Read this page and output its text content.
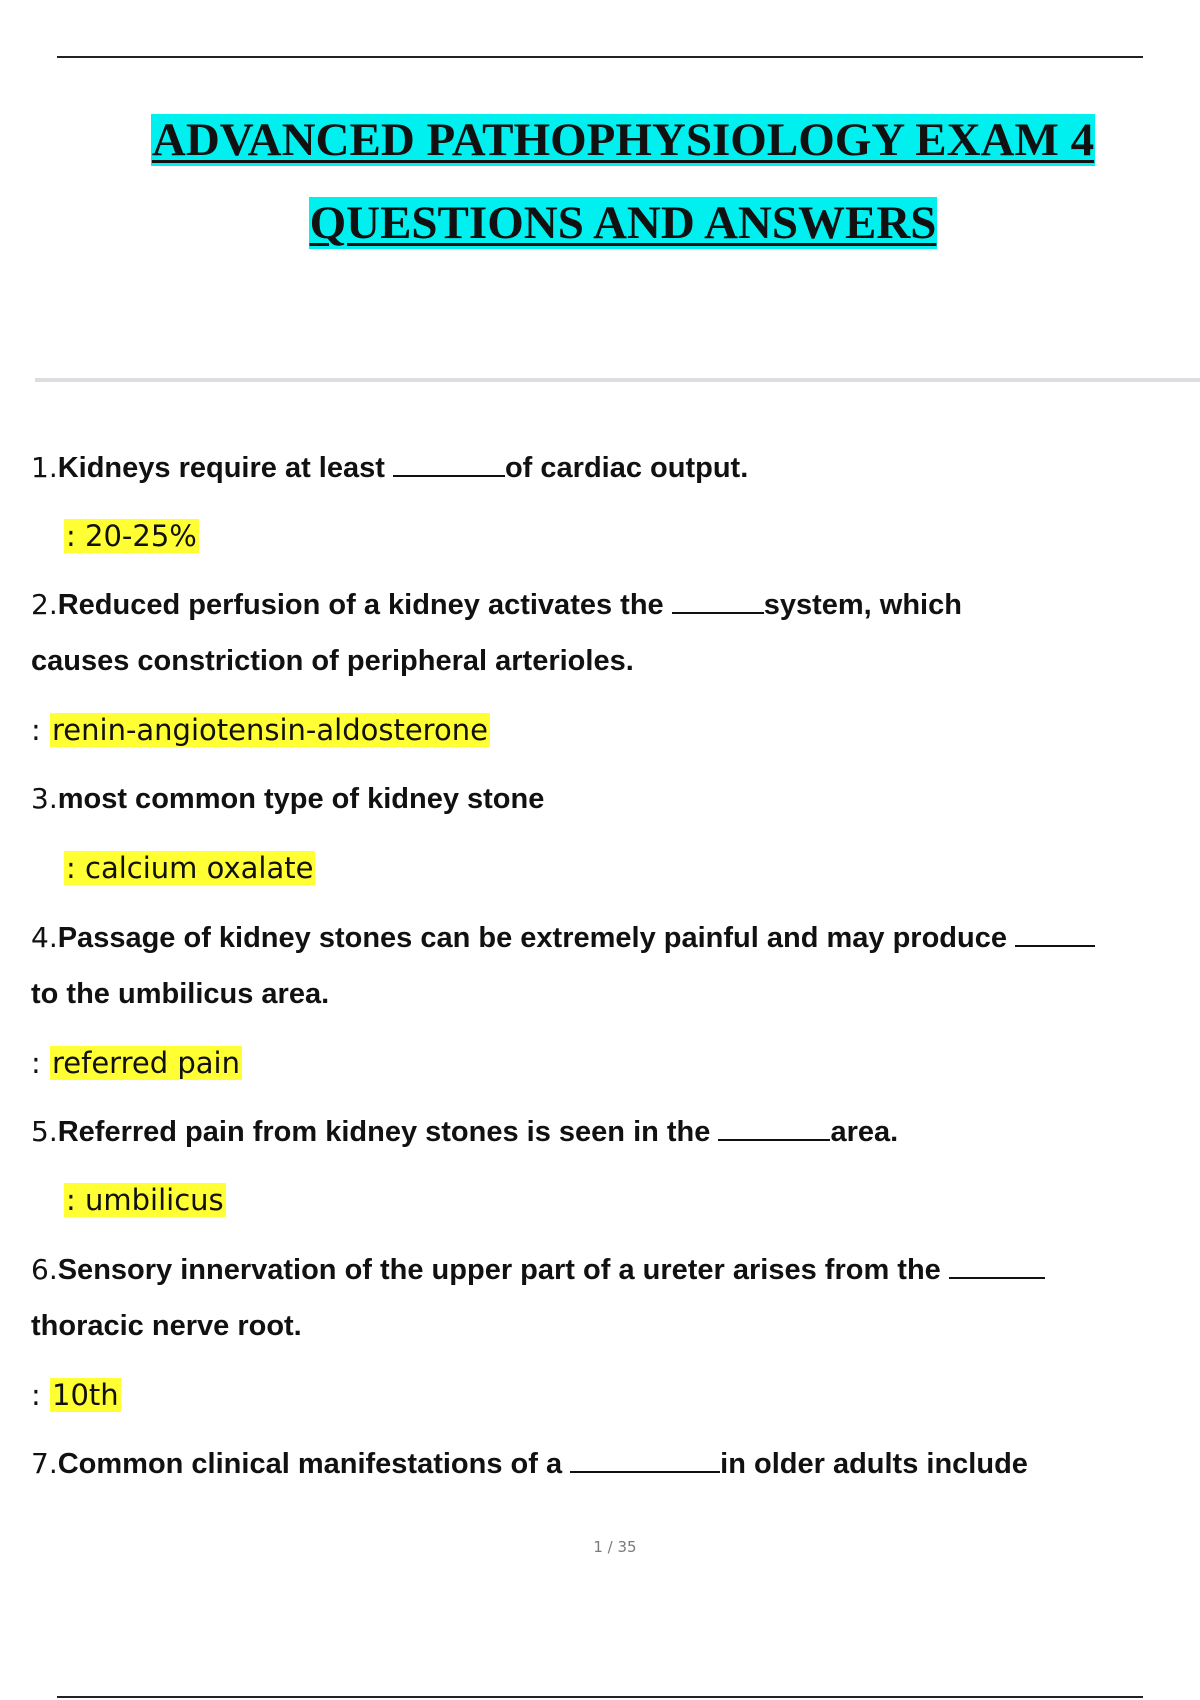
ADVANCED PATHOPHYSIOLOGY EXAM 4
QUESTIONS AND ANSWERS
1.Kidneys require at least	of cardiac output.
: 20-25%
2.Reduced perfusion of a kidney activates the	system, which
causes constriction of peripheral arterioles.
: renin-angiotensin-aldosterone
3.most common type of kidney stone
: calcium oxalate
4.Passage of kidney stones can be extremely painful and may produce
to the umbilicus area.
: referred pain
5.Referred pain from kidney stones is seen in the	area.
: umbilicus
6.Sensory innervation of the upper part of a ureter arises from the
thoracic nerve root.
: 10th
7.Common clinical manifestations of a	in older adults include
1 / 35
